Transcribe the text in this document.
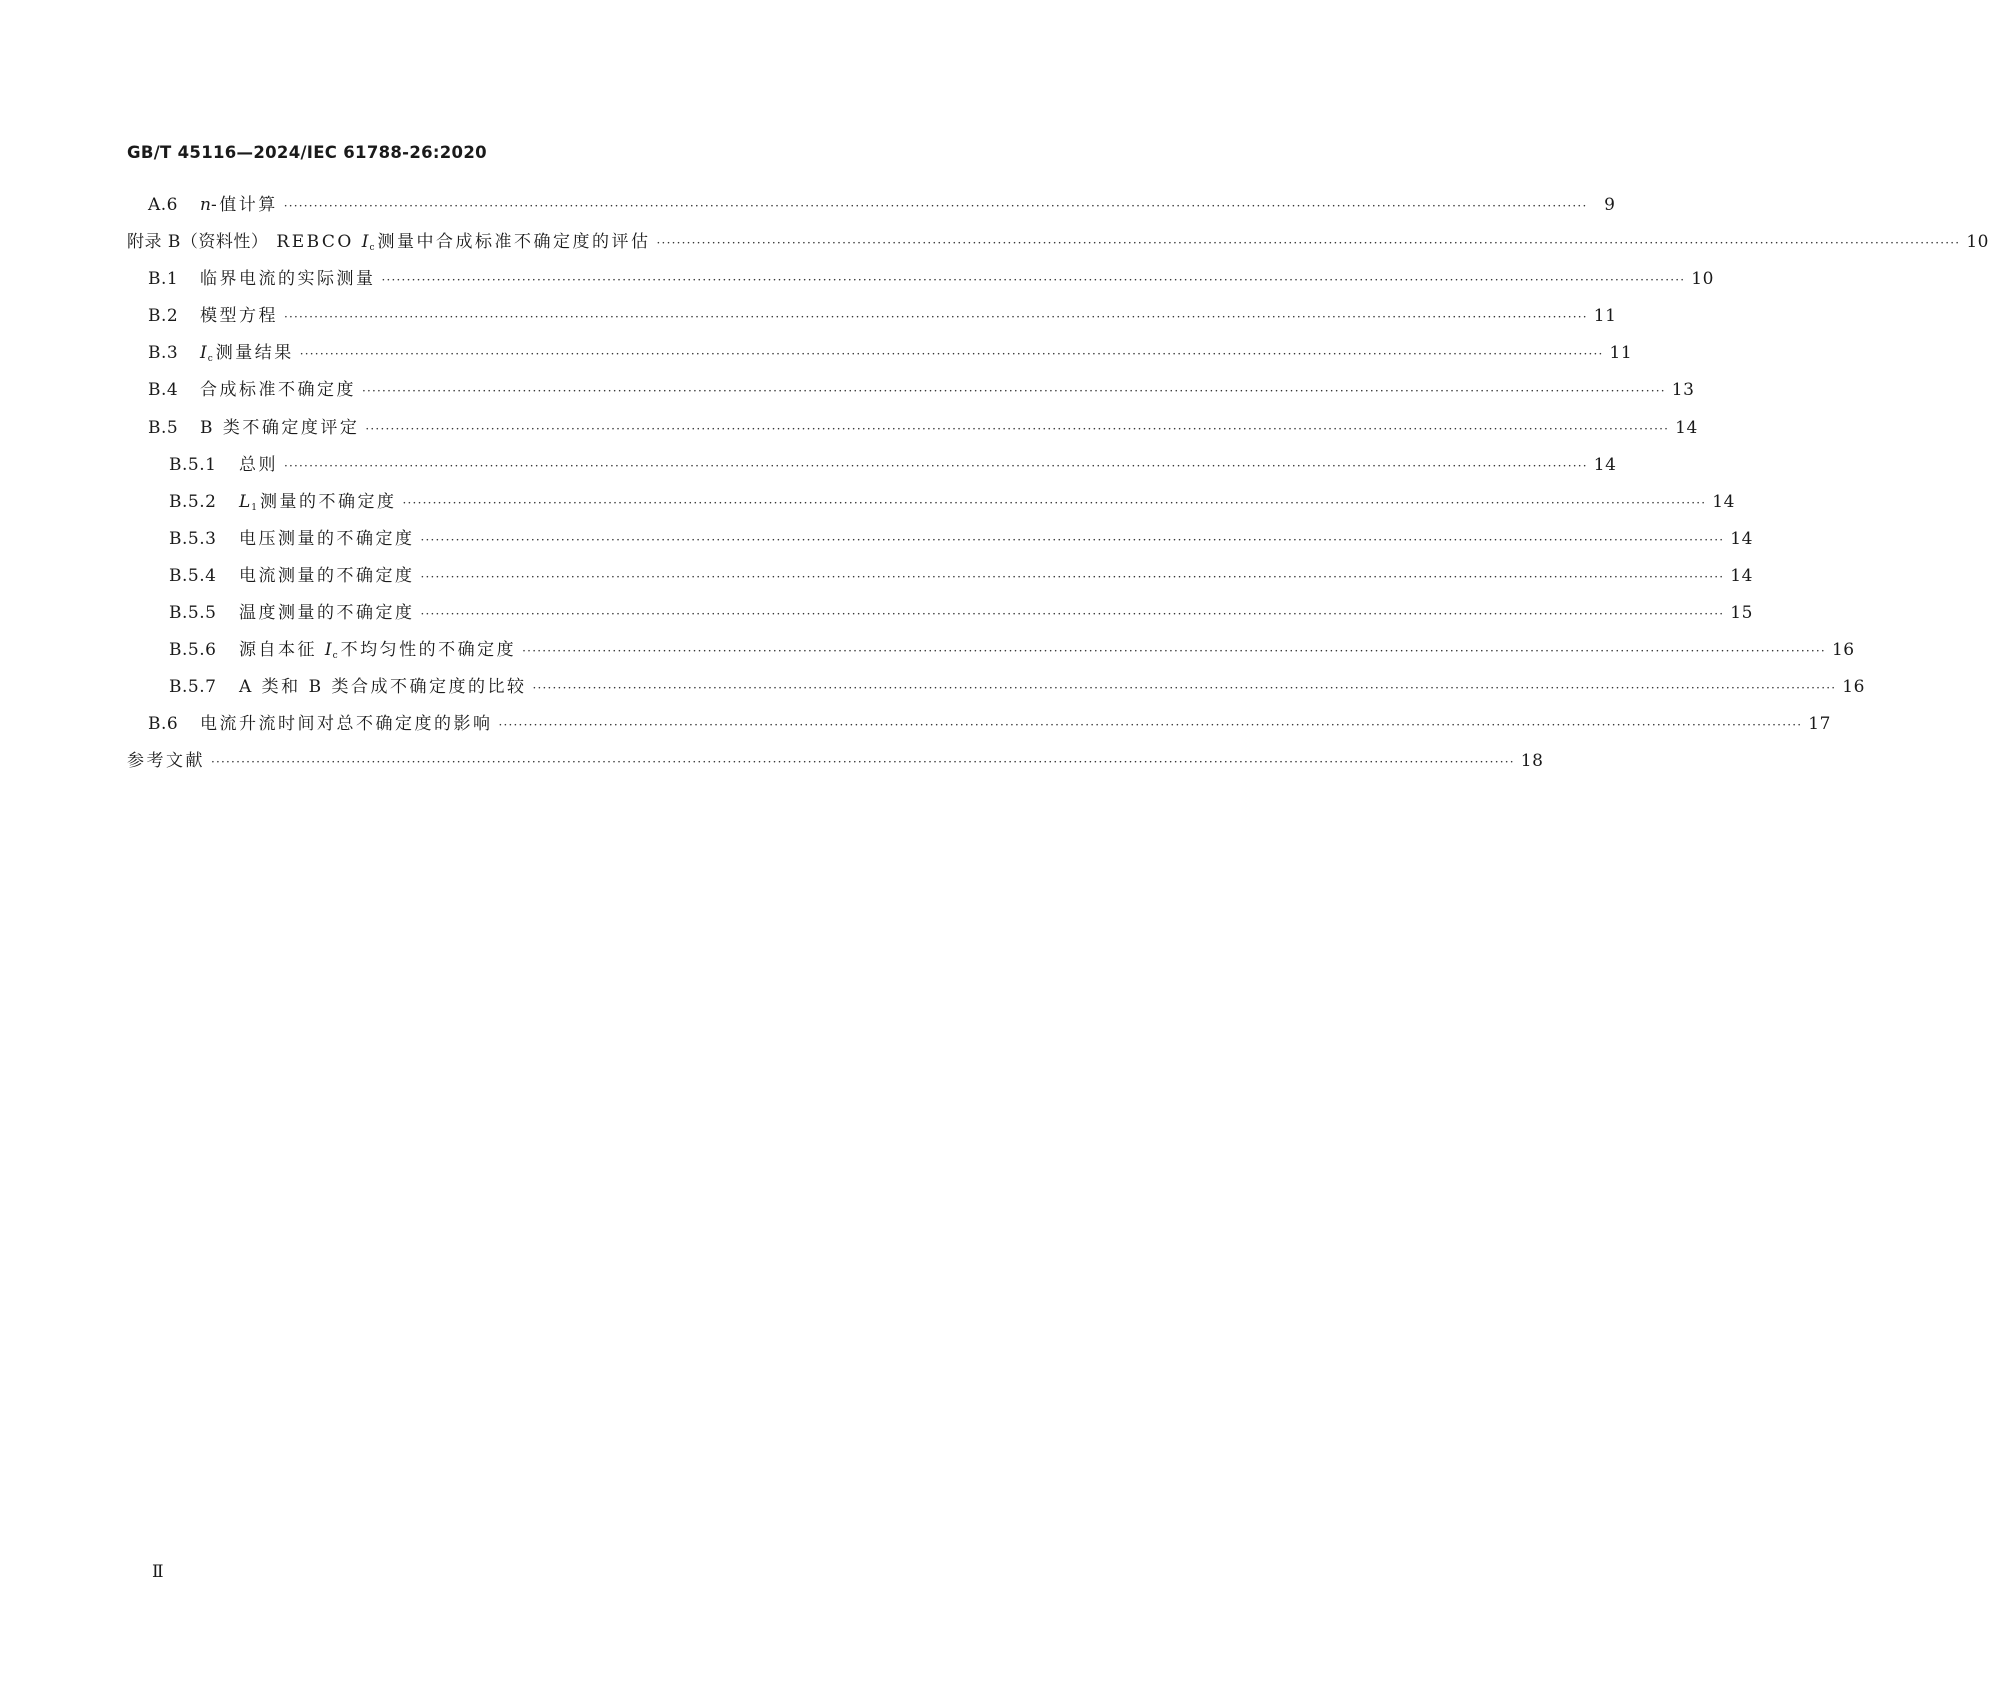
GB/T 45116—2024/IEC 61788-26:2020
A.6	n-值计算 ···································································································································································································································································· 9
附录 B（资料性） REBCO $I_c$ 测量中合成标准不确定度的评估 ···································································································································································································································································· 10
B.1	临界电流的实际测量 ···································································································································································································································································· 10
B.2	模型方程 ···································································································································································································································································· 11
B.3	$I_c$ 测量结果 ···································································································································································································································································· 11
B.4	合成标准不确定度 ···································································································································································································································································· 13
B.5	B 类不确定度评定 ···································································································································································································································································· 14
B.5.1	总则 ···································································································································································································································································· 14
B.5.2	$L_1$ 测量的不确定度 ···································································································································································································································································· 14
B.5.3	电压测量的不确定度 ···································································································································································································································································· 14
B.5.4	电流测量的不确定度 ···································································································································································································································································· 14
B.5.5	温度测量的不确定度 ···································································································································································································································································· 15
B.5.6	源自本征 $I_c$ 不均匀性的不确定度 ···································································································································································································································································· 16
B.5.7	A 类和 B 类合成不确定度的比较 ···································································································································································································································································· 16
B.6	电流升流时间对总不确定度的影响 ···································································································································································································································································· 17
参考文献 ···································································································································································································································································· 18
Ⅱ
